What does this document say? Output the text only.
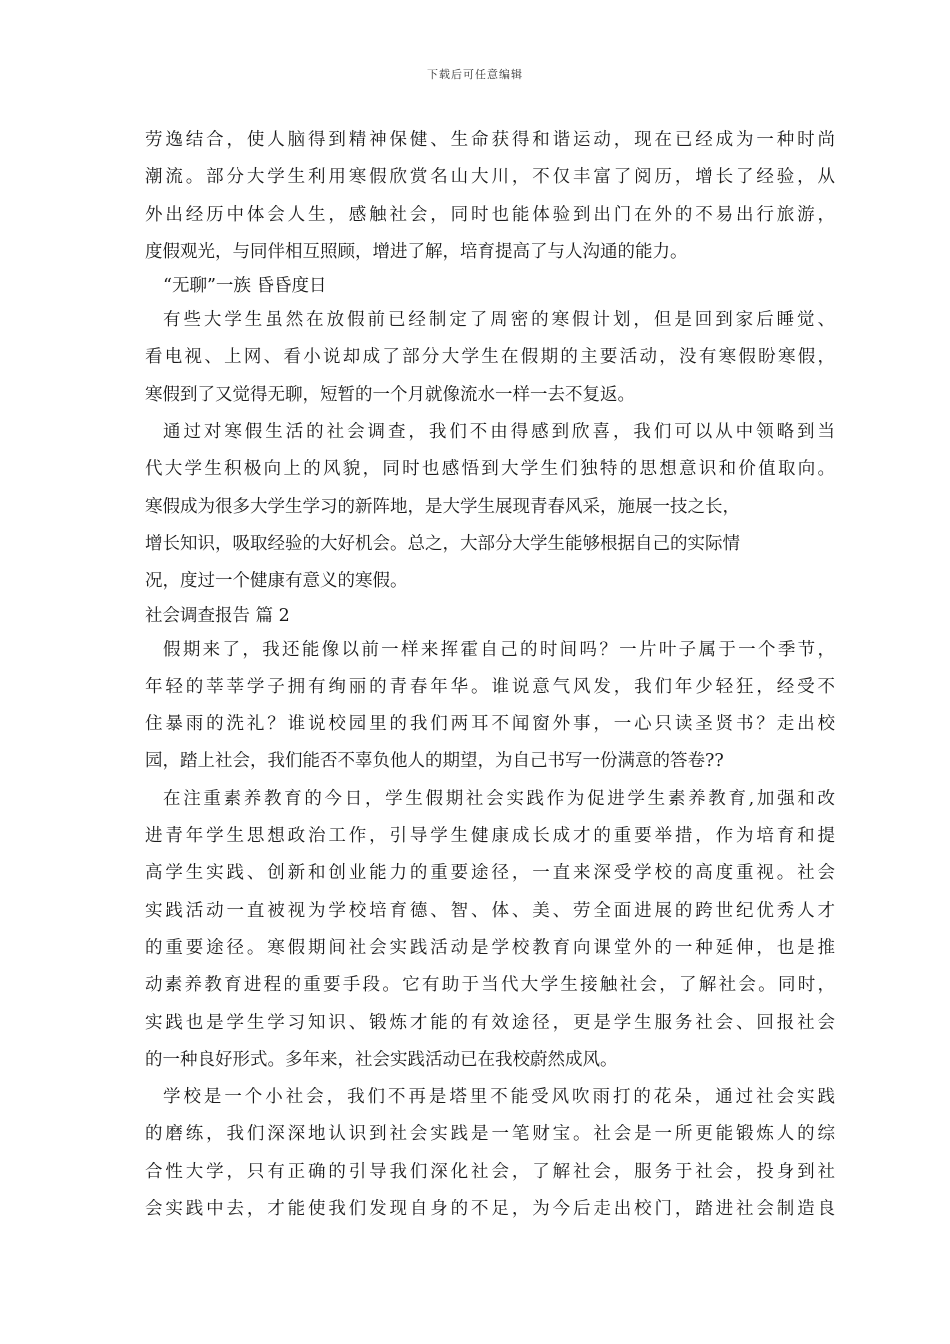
下载后可任意编辑
劳逸结合，使人脑得到精神保健、生命获得和谐运动，现在已经成为一种时尚
潮流。部分大学生利用寒假欣赏名山大川，不仅丰富了阅历，增长了经验，从
外出经历中体会人生，感触社会，同时也能体验到出门在外的不易出行旅游，
度假观光，与同伴相互照顾，增进了解，培育提高了与人沟通的能力。
“无聊”一族 昏昏度日
有些大学生虽然在放假前已经制定了周密的寒假计划，但是回到家后睡觉、
看电视、上网、看小说却成了部分大学生在假期的主要活动，没有寒假盼寒假，
寒假到了又觉得无聊，短暂的一个月就像流水一样一去不复返。
通过对寒假生活的社会调查，我们不由得感到欣喜，我们可以从中领略到当
代大学生积极向上的风貌，同时也感悟到大学生们独特的思想意识和价值取向。
寒假成为很多大学生学习的新阵地，是大学生展现青春风采，施展一技之长，
增长知识，吸取经验的大好机会。总之，大部分大学生能够根据自己的实际情
况，度过一个健康有意义的寒假。
社会调查报告 篇 2
假期来了，我还能像以前一样来挥霍自己的时间吗？一片叶子属于一个季节，
年轻的莘莘学子拥有绚丽的青春年华。谁说意气风发，我们年少轻狂，经受不
住暴雨的洗礼？谁说校园里的我们两耳不闻窗外事，一心只读圣贤书？走出校
园，踏上社会，我们能否不辜负他人的期望，为自己书写一份满意的答卷??
在注重素养教育的今日，学生假期社会实践作为促进学生素养教育,加强和改
进青年学生思想政治工作，引导学生健康成长成才的重要举措，作为培育和提
高学生实践、创新和创业能力的重要途径，一直来深受学校的高度重视。社会
实践活动一直被视为学校培育德、智、体、美、劳全面进展的跨世纪优秀人才
的重要途径。寒假期间社会实践活动是学校教育向课堂外的一种延伸，也是推
动素养教育进程的重要手段。它有助于当代大学生接触社会，了解社会。同时，
实践也是学生学习知识、锻炼才能的有效途径，更是学生服务社会、回报社会
的一种良好形式。多年来，社会实践活动已在我校蔚然成风。
学校是一个小社会，我们不再是塔里不能受风吹雨打的花朵，通过社会实践
的磨练，我们深深地认识到社会实践是一笔财宝。社会是一所更能锻炼人的综
合性大学，只有正确的引导我们深化社会，了解社会，服务于社会，投身到社
会实践中去，才能使我们发现自身的不足，为今后走出校门，踏进社会制造良
